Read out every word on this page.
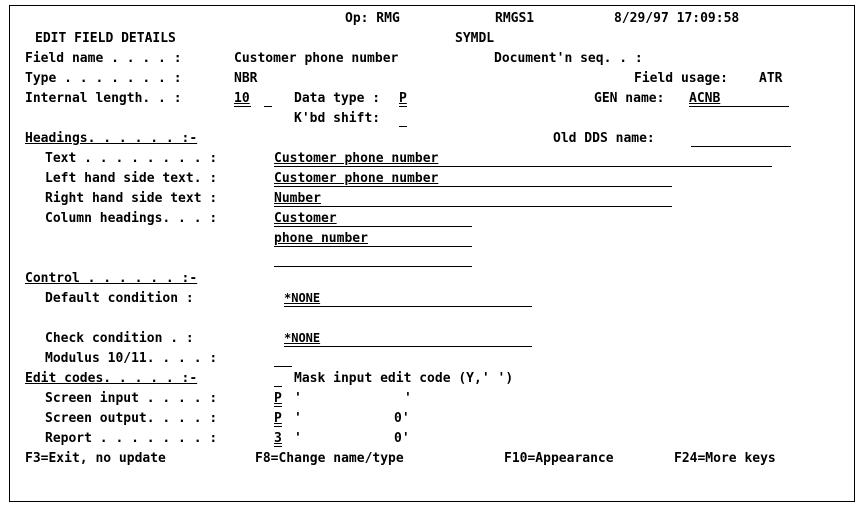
Op: RMG	RMGS1	8/29/97 17:09:58
EDIT FIELD DETAILS	SYMDL
Field name . . . . :	Customer phone number	Document'n seq. . :
Type . . . . . . . :	NBR	Field usage: ATR
Internal length. . :	10	Data type : P	GEN name: ACNB
K'bd shift:
Headings. . . . . . :-	Old DDS name:
Text . . . . . . . . :	Customer phone number
Left hand side text. :	Customer phone number
Right hand side text :	Number
Column headings. . . :	Customer
phone number
Control . . . . . . :-
Default condition :	*NONE
Check condition . :	*NONE
Modulus 10/11. . . . :
Edit codes. . . . . :-	Mask input edit code (Y,' ')
Screen input . . . . :	P '	'
Screen output. . . . :	P '	0'
Report . . . . . . . :	3 '	0'
F3=Exit, no update	F8=Change name/type	F10=Appearance	F24=More keys
